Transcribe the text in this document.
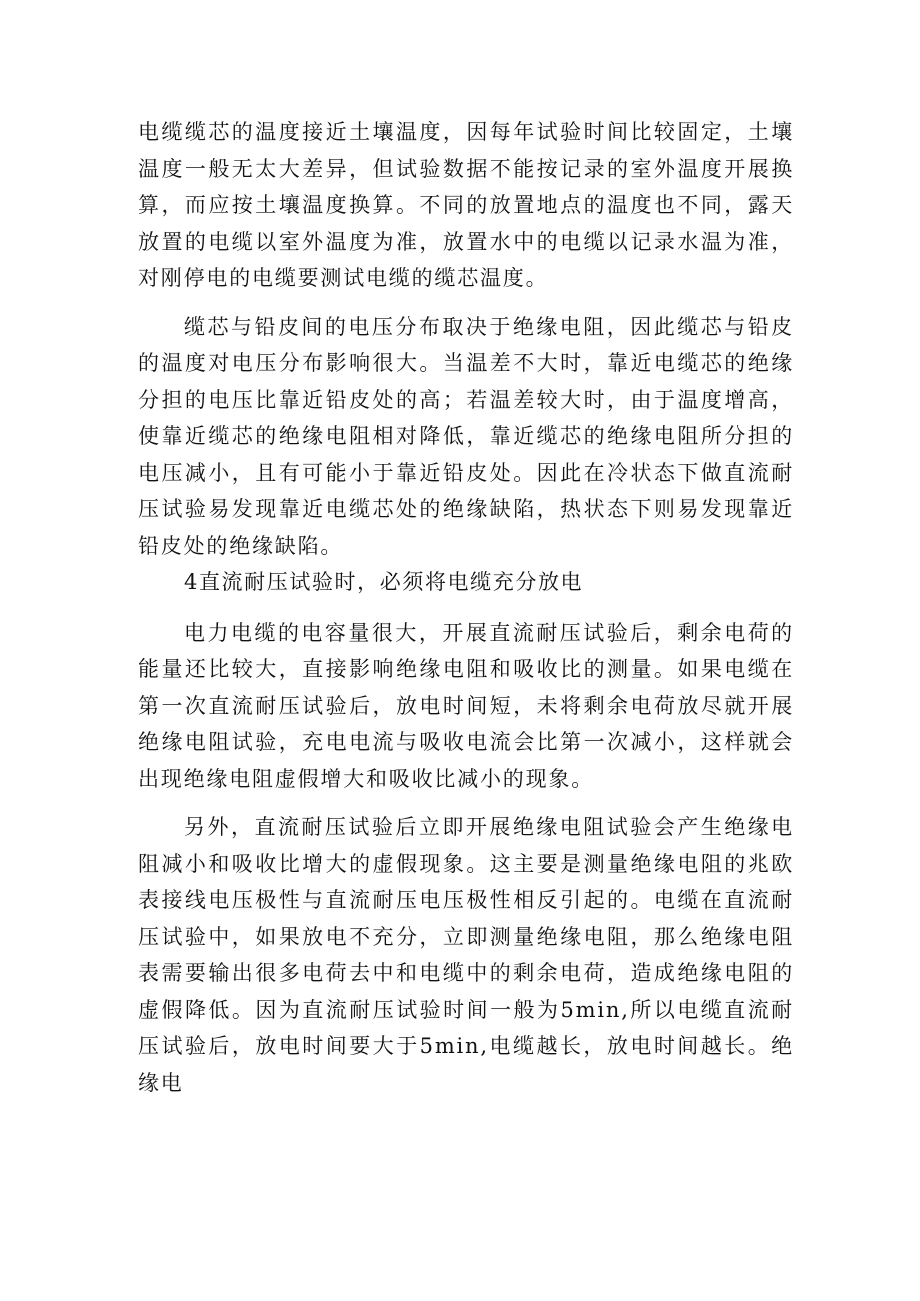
电缆缆芯的温度接近土壤温度，因每年试验时间比较固定，土壤温度一般无太大差异，但试验数据不能按记录的室外温度开展换算，而应按土壤温度换算。不同的放置地点的温度也不同，露天放置的电缆以室外温度为准，放置水中的电缆以记录水温为准，对刚停电的电缆要测试电缆的缆芯温度。

缆芯与铅皮间的电压分布取决于绝缘电阻，因此缆芯与铅皮的温度对电压分布影响很大。当温差不大时，靠近电缆芯的绝缘分担的电压比靠近铅皮处的高；若温差较大时，由于温度增高，使靠近缆芯的绝缘电阻相对降低，靠近缆芯的绝缘电阻所分担的电压减小，且有可能小于靠近铅皮处。因此在冷状态下做直流耐压试验易发现靠近电缆芯处的绝缘缺陷，热状态下则易发现靠近铅皮处的绝缘缺陷。

4直流耐压试验时，必须将电缆充分放电

电力电缆的电容量很大，开展直流耐压试验后，剩余电荷的能量还比较大，直接影响绝缘电阻和吸收比的测量。如果电缆在第一次直流耐压试验后，放电时间短，未将剩余电荷放尽就开展绝缘电阻试验，充电电流与吸收电流会比第一次减小，这样就会出现绝缘电阻虚假增大和吸收比减小的现象。

另外，直流耐压试验后立即开展绝缘电阻试验会产生绝缘电阻减小和吸收比增大的虚假现象。这主要是测量绝缘电阻的兆欧表接线电压极性与直流耐压电压极性相反引起的。电缆在直流耐压试验中，如果放电不充分，立即测量绝缘电阻，那么绝缘电阻表需要输出很多电荷去中和电缆中的剩余电荷，造成绝缘电阻的虚假降低。因为直流耐压试验时间一般为5min,所以电缆直流耐压试验后，放电时间要大于5min,电缆越长，放电时间越长。绝缘电
